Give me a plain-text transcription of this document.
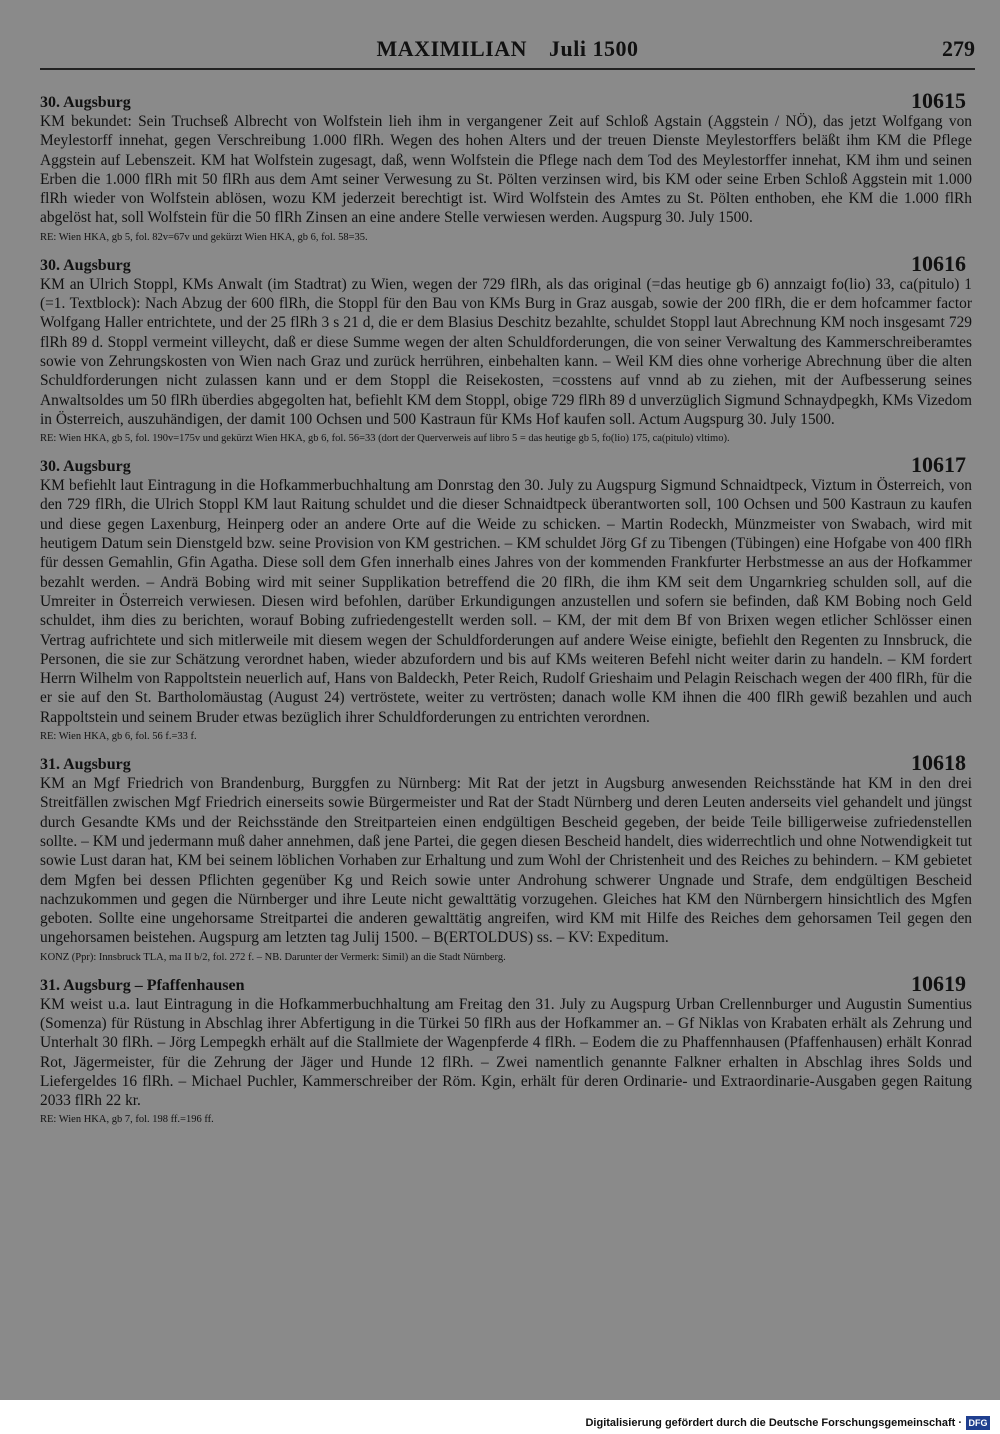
MAXIMILIAN Juli 1500	279
30. Augsburg	10615
KM bekundet: Sein Truchseß Albrecht von Wolfstein lieh ihm in vergangener Zeit auf Schloß Agstain (Aggstein / NÖ), das jetzt Wolfgang von Meylestorff innehat, gegen Verschreibung 1.000 flRh. Wegen des hohen Alters und der treuen Dienste Meylestorffers beläßt ihm KM die Pflege Aggstein auf Lebenszeit. KM hat Wolfstein zugesagt, daß, wenn Wolfstein die Pflege nach dem Tod des Meylestorffer innehat, KM ihm und seinen Erben die 1.000 flRh mit 50 flRh aus dem Amt seiner Verwesung zu St. Pölten verzinsen wird, bis KM oder seine Erben Schloß Aggstein mit 1.000 flRh wieder von Wolfstein ablösen, wozu KM jederzeit berechtigt ist. Wird Wolfstein des Amtes zu St. Pölten enthoben, ehe KM die 1.000 flRh abgelöst hat, soll Wolfstein für die 50 flRh Zinsen an eine andere Stelle verwiesen werden. Augspurg 30. July 1500.
RE: Wien HKA, gb 5, fol. 82v=67v und gekürzt Wien HKA, gb 6, fol. 58=35.
30. Augsburg	10616
KM an Ulrich Stoppl, KMs Anwalt (im Stadtrat) zu Wien, wegen der 729 flRh, als das original (=das heutige gb 6) annzaigt fo(lio) 33, ca(pitulo) 1 (=1. Textblock): Nach Abzug der 600 flRh, die Stoppl für den Bau von KMs Burg in Graz ausgab, sowie der 200 flRh, die er dem hofcammer factor Wolfgang Haller entrichtete, und der 25 flRh 3 s 21 d, die er dem Blasius Deschitz bezahlte, schuldet Stoppl laut Abrechnung KM noch insgesamt 729 flRh 89 d. Stoppl vermeint villeycht, daß er diese Summe wegen der alten Schuldforderungen, die von seiner Verwaltung des Kammerschreiberamtes sowie von Zehrungskosten von Wien nach Graz und zurück herrühren, einbehalten kann. – Weil KM dies ohne vorherige Abrechnung über die alten Schuldforderungen nicht zulassen kann und er dem Stoppl die Reisekosten, =cosstens auf vnnd ab zu ziehen, mit der Aufbesserung seines Anwaltsoldes um 50 flRh überdies abgegolten hat, befiehlt KM dem Stoppl, obige 729 flRh 89 d unverzüglich Sigmund Schnaydpegkh, KMs Vizedom in Österreich, auszuhändigen, der damit 100 Ochsen und 500 Kastraun für KMs Hof kaufen soll. Actum Augspurg 30. July 1500.
RE: Wien HKA, gb 5, fol. 190v=175v und gekürzt Wien HKA, gb 6, fol. 56=33 (dort der Querverweis auf libro 5 = das heutige gb 5, fo(lio) 175, ca(pitulo) vltimo).
30. Augsburg	10617
KM befiehlt laut Eintragung in die Hofkammerbuchhaltung am Donrstag den 30. July zu Augspurg Sigmund Schnaidtpeck, Viztum in Österreich, von den 729 flRh, die Ulrich Stoppl KM laut Raitung schuldet und die dieser Schnaidtpeck überantworten soll, 100 Ochsen und 500 Kastraun zu kaufen und diese gegen Laxenburg, Heinperg oder an andere Orte auf die Weide zu schicken. – Martin Rodeckh, Münzmeister von Swabach, wird mit heutigem Datum sein Dienstgeld bzw. seine Provision von KM gestrichen. – KM schuldet Jörg Gf zu Tibengen (Tübingen) eine Hofgabe von 400 flRh für dessen Gemahlin, Gfin Agatha. Diese soll dem Gfen innerhalb eines Jahres von der kommenden Frankfurter Herbstmesse an aus der Hofkammer bezahlt werden. – Andrä Bobing wird mit seiner Supplikation betreffend die 20 flRh, die ihm KM seit dem Ungarnkrieg schulden soll, auf die Umreiter in Österreich verwiesen. Diesen wird befohlen, darüber Erkundigungen anzustellen und sofern sie befinden, daß KM Bobing noch Geld schuldet, ihm dies zu berichten, worauf Bobing zufriedengestellt werden soll. – KM, der mit dem Bf von Brixen wegen etlicher Schlösser einen Vertrag aufrichtete und sich mitlerweile mit diesem wegen der Schuldforderungen auf andere Weise einigte, befiehlt den Regenten zu Innsbruck, die Personen, die sie zur Schätzung verordnet haben, wieder abzufordern und bis auf KMs weiteren Befehl nicht weiter darin zu handeln. – KM fordert Herrn Wilhelm von Rappoltstein neuerlich auf, Hans von Baldeckh, Peter Reich, Rudolf Grieshaim und Pelagin Reischach wegen der 400 flRh, für die er sie auf den St. Bartholomäustag (August 24) vertröstete, weiter zu vertrösten; danach wolle KM ihnen die 400 flRh gewiß bezahlen und auch Rappoltstein und seinem Bruder etwas bezüglich ihrer Schuldforderungen zu entrichten verordnen.
RE: Wien HKA, gb 6, fol. 56 f.=33 f.
31. Augsburg	10618
KM an Mgf Friedrich von Brandenburg, Burggfen zu Nürnberg: Mit Rat der jetzt in Augsburg anwesenden Reichsstände hat KM in den drei Streitfällen zwischen Mgf Friedrich einerseits sowie Bürgermeister und Rat der Stadt Nürnberg und deren Leuten anderseits viel gehandelt und jüngst durch Gesandte KMs und der Reichsstände den Streitparteien einen endgültigen Bescheid gegeben, der beide Teile billigerweise zufriedenstellen sollte. – KM und jedermann muß daher annehmen, daß jene Partei, die gegen diesen Bescheid handelt, dies widerrechtlich und ohne Notwendigkeit tut sowie Lust daran hat, KM bei seinem löblichen Vorhaben zur Erhaltung und zum Wohl der Christenheit und des Reiches zu behindern. – KM gebietet dem Mgfen bei dessen Pflichten gegenüber Kg und Reich sowie unter Androhung schwerer Ungnade und Strafe, dem endgültigen Bescheid nachzukommen und gegen die Nürnberger und ihre Leute nicht gewalttätig vorzugehen. Gleiches hat KM den Nürnbergern hinsichtlich des Mgfen geboten. Sollte eine ungehorsame Streitpartei die anderen gewalttätig angreifen, wird KM mit Hilfe des Reiches dem gehorsamen Teil gegen den ungehorsamen beistehen. Augspurg am letzten tag Julij 1500. – B(ERTOLDUS) ss. – KV: Expeditum.
KONZ (Ppr): Innsbruck TLA, ma II b/2, fol. 272 f. – NB. Darunter der Vermerk: Simil) an die Stadt Nürnberg.
31. Augsburg – Pfaffenhausen	10619
KM weist u.a. laut Eintragung in die Hofkammerbuchhaltung am Freitag den 31. July zu Augspurg Urban Crellennburger und Augustin Sumentius (Somenza) für Rüstung in Abschlag ihrer Abfertigung in die Türkei 50 flRh aus der Hofkammer an. – Gf Niklas von Krabaten erhält als Zehrung und Unterhalt 30 flRh. – Jörg Lempegkh erhält auf die Stallmiete der Wagenpferde 4 flRh. – Eodem die zu Phaffennhausen (Pfaffenhausen) erhält Konrad Rot, Jägermeister, für die Zehrung der Jäger und Hunde 12 flRh. – Zwei namentlich genannte Falkner erhalten in Abschlag ihres Solds und Liefergeldes 16 flRh. – Michael Puchler, Kammerschreiber der Röm. Kgin, erhält für deren Ordinarie- und Extraordinarie-Ausgaben gegen Raitung 2033 flRh 22 kr.
RE: Wien HKA, gb 7, fol. 198 ff.=196 ff.
Digitalisierung gefördert durch die Deutsche Forschungsgemeinschaft · DFG
